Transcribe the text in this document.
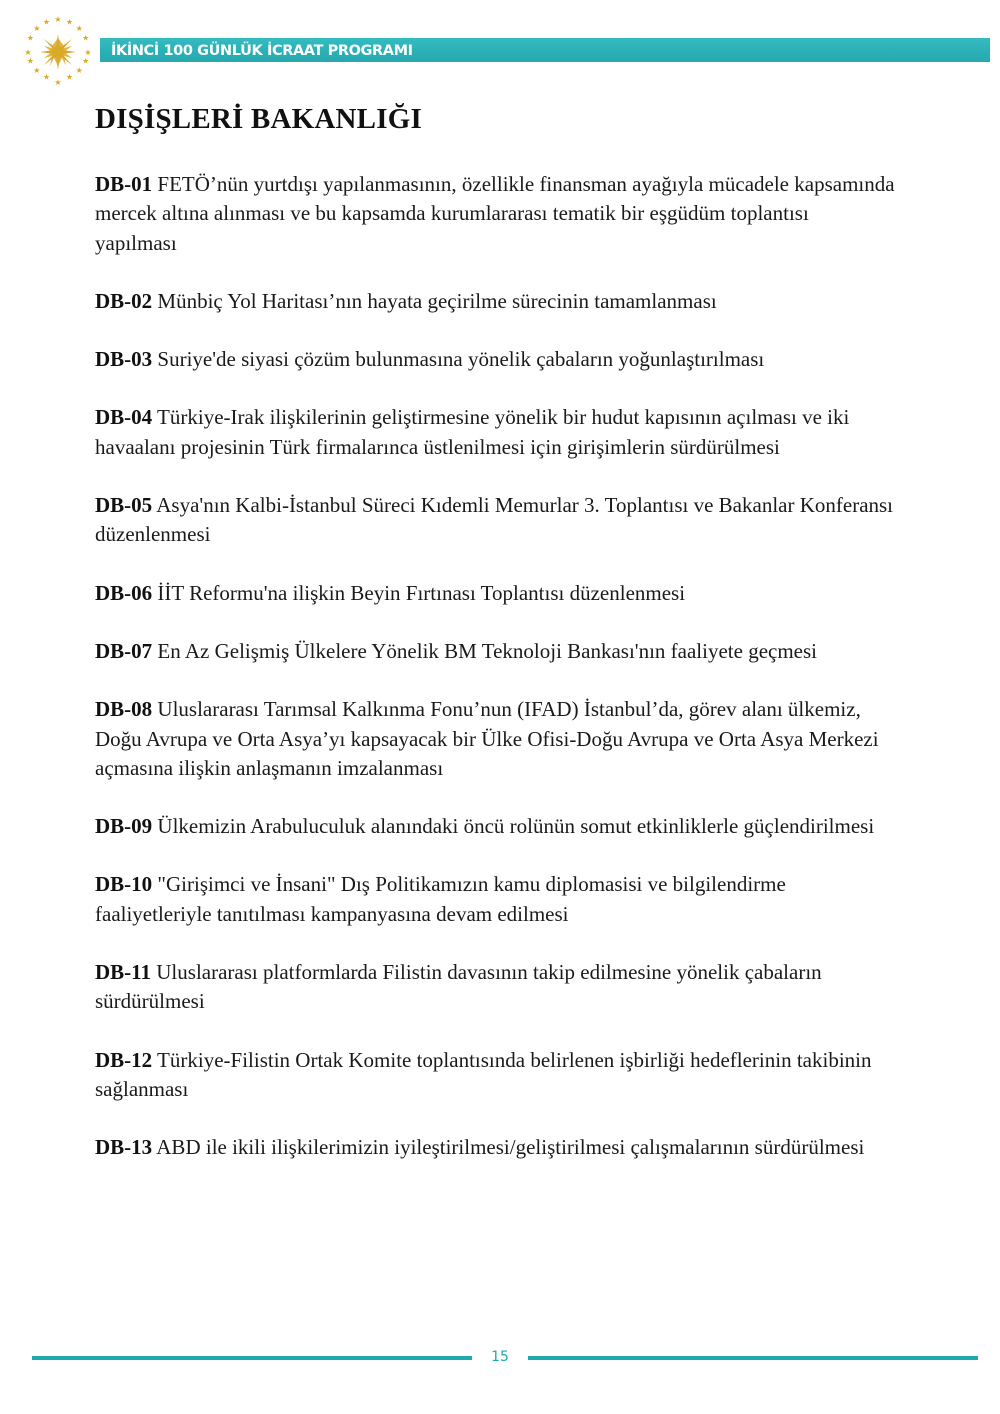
★ ★
★
★
★
★
★
★
★
★
★
★
★
★
★
★
İKİNCİ 100 GÜNLÜK İCRAAT PROGRAMI
DIŞİŞLERİ BAKANLIĞI

DB-01 FETÖ’nün yurtdışı yapılanmasının, özellikle finansman ayağıyla mücadele kapsamında mercek altına alınması ve bu kapsamda kurumlararası tematik bir eşgüdüm toplantısı yapılması

DB-02 Münbiç Yol Haritası’nın hayata geçirilme sürecinin tamamlanması

DB-03 Suriye'de siyasi çözüm bulunmasına yönelik çabaların yoğunlaştırılması

DB-04 Türkiye-Irak ilişkilerinin geliştirmesine yönelik bir hudut kapısının açılması ve iki havaalanı projesinin Türk firmalarınca üstlenilmesi için girişimlerin sürdürülmesi

DB-05 Asya'nın Kalbi-İstanbul Süreci Kıdemli Memurlar 3. Toplantısı ve Bakanlar Konferansı düzenlenmesi

DB-06 İİT Reformu'na ilişkin Beyin Fırtınası Toplantısı düzenlenmesi

DB-07 En Az Gelişmiş Ülkelere Yönelik BM Teknoloji Bankası'nın faaliyete geçmesi

DB-08 Uluslararası Tarımsal Kalkınma Fonu’nun (IFAD) İstanbul’da, görev alanı ülkemiz, Doğu Avrupa ve Orta Asya’yı kapsayacak bir Ülke Ofisi-Doğu Avrupa ve Orta Asya Merkezi açmasına ilişkin anlaşmanın imzalanması

DB-09 Ülkemizin Arabuluculuk alanındaki öncü rolünün somut etkinliklerle güçlendirilmesi

DB-10 "Girişimci ve İnsani" Dış Politikamızın kamu diplomasisi ve bilgilendirme faaliyetleriyle tanıtılması kampanyasına devam edilmesi

DB-11 Uluslararası platformlarda Filistin davasının takip edilmesine yönelik çabaların sürdürülmesi

DB-12 Türkiye-Filistin Ortak Komite toplantısında belirlenen işbirliği hedeflerinin takibinin sağlanması

DB-13 ABD ile ikili ilişkilerimizin iyileştirilmesi/geliştirilmesi çalışmalarının sürdürülmesi

15
